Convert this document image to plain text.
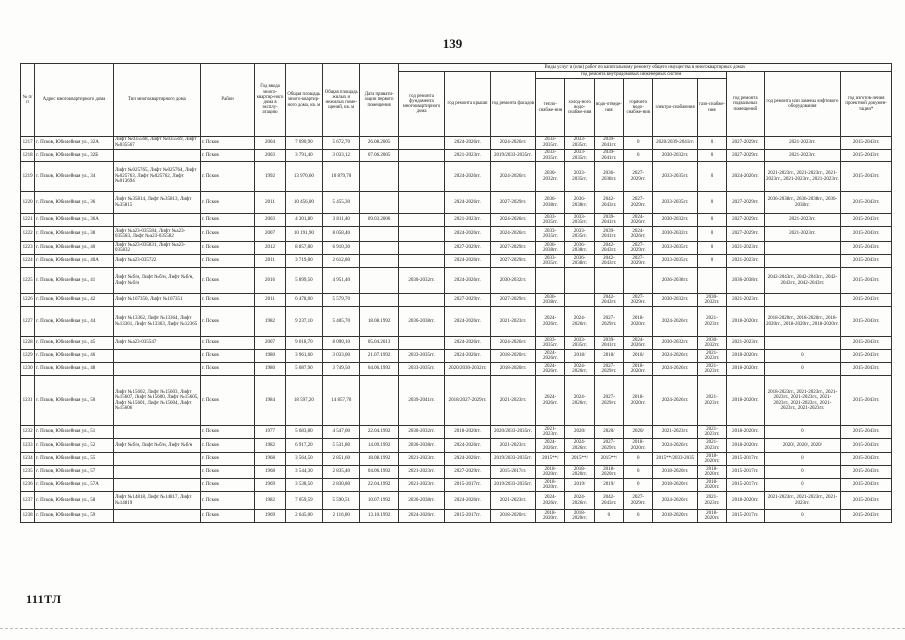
139
№ п/п	Адрес многоквартирного дома	Тип многоквартирного дома	Район	Год ввода много-квартир-ного дома в эксплу-атацию	Общая площадь много-квартир-ного дома, кв. м	Общая площадь жилых и нежилых поме-щений, кв. м	Дата привати-зации первого помещения	Виды услуг и (или) работ по капитальному ремонту общего имущества в многоквартирных домах											
								год ремонта фундамента многоквартирного дома	год ремонта крыши	год ремонта фасадов	год ремонта внутридомовых инженерных систем						год ремонта подвальных помещений	год ремонта или замены лифтового оборудования	год изготов-ления проектной докумен-тации*
											тепло-снабже-ния	холод-ного водо-снабже-ния	водо-отведе-ния	горячего водо-снабже-ния	электро-снабжения	газо-снабже-ния			
1217	г. Псков, Юбилейная ул., 32А	Лифт №035568, Лифт №035569, Лифт №035567	г. Псков	2004	7 090,90	5 672,70	26.08.2005		2024-2026гг.	2024-2026гг.	2033-2035гг.	2033-2035гг.	2039-2041гг.	0	2020/2039-2041гг.	0	2027-2029гг.	2021-2023гг.	2015-2043гг.
1218	г. Псков, Юбилейная ул., 32Б		г. Псков	2003	3 791,40	3 033,12	07.06.2005		2021-2023гг.	2019/2033-2035гг.	2033-2035гг.	2033-2035гг.	2039-2041гг.	0	2030-2032гг.	0	2027-2029гг.	2021-2023гг.	2015-2043гг.
1219	г. Псков, Юбилейная ул., 34	Лифт №025765, Лифт №025764, Лифт №025763, Лифт №025762, Лифт №013694	г. Псков	1992	13 970,60	10 879,70			2024-2026гг.	2024-2026гг.	2030-2032гг.	2033-2035гг.	2036-2038гг.	2027-2029гг.	2033-2035гг.	0	2024-2026гг.	2021-2023гг., 2021-2023гг., 2021-2023гг., 2021-2023гг., 2021-2023гг.	2015-2043гг.
1220	г. Псков, Юбилейная ул., 36	Лифт №35814, Лифт №35813, Лифт №35815	г. Псков	2011	10 456,00	5 455,30			2024-2026гг.	2027-2029гг.	2036-2038гг.	2036-2038гг.	2042-2043гг.	2027-2029гг.	2033-2035гг.	0	2027-2029гг.	2036-2038гг., 2036-2038гг., 2036-2038гг.	2015-2043гг.
1221	г. Псков, Юбилейная ул., 36А		г. Псков	2003	4 301,80	3 811,40	09.03.2006		2021-2023гг.	2024-2026гг.	2033-2035гг.	2033-2035гг.	2039-2041гг.	2024-2026гг.	2030-2032гг.	0	2027-2029гг.	2021-2023гг.	2015-2043гг.
1222	г. Псков, Юбилейная ул., 38	Лифт №а23-035584, Лифт №а23-035583, Лифт №а23-035582	г. Псков	2007	10 191,90	8 058,40			2024-2026гг.	2024-2026гг.	2033-2035гг.	2033-2035гг.	2039-2041гг.	2024-2026гг.	2030-2032гг.	0	2027-2029гг.	2021-2023гг.	2015-2043гг.
1223	г. Псков, Юбилейная ул., 40	Лифт №а23-035831, Лифт №а23-035832	г. Псков	2012	8 857,80	6 910,30			2027-2029гг.	2027-2029гг.	2036-2038гг.	2036-2038гг.	2042-2043гг.	2027-2029гг.	2033-2035гг.	0	2021-2023гг.		2015-2043гг.
1224	г. Псков, Юбилейная ул., 40А	Лифт №а23-035722	г. Псков	2011	3 719,80	2 612,80			2024-2026гг.	2027-2029гг.	2033-2035гг.	2036-2038гг.	2042-2043гг.	2027-2029гг.	2033-2035гг.	0	2021-2023гг.		2015-2043гг.
1225	г. Псков, Юбилейная ул., 41	Лифт №б/н, Лифт №б/н, Лифт №б/н, Лифт №б/н	г. Псков	2016	5 899,50	4 951,40		2030-2032гг.	2024-2026гг.	2030-2032гг.					2036-2038гг.		2036-2038гг.	2042-2043гг., 2042-2043гг., 2042-2043гг., 2042-2043гг.	2015-2043гг.
1226	г. Псков, Юбилейная ул., 42	Лифт №167350, Лифт №167351	г. Псков	2011	6 478,00	5 579,70			2027-2029гг.	2027-2029гг.	2036-2038гг.		2042-2043гг.	2027-2029гг.	2030-2032гг.	2030-2032гг.	2021-2023гг.		2015-2043гг.
1227	г. Псков, Юбилейная ул., 44	Лифт №13362, Лифт №13364, Лифт №13361, Лифт №13363, Лифт №12365	г. Псков	1982	9 237,10	5 405,70	18.08.1992	2036-2038гг.	2024-2026гг.	2021-2023гг.	2024-2026гг.	2024-2026гг.	2027-2029гг.	2018-2020гг.	2024-2026гг.	2021-2023гг.	2018-2020гг.	2018-2020гг., 2018-2020гг., 2018-2020гг., 2018-2020гг., 2018-2020гг.	2015-2043гг.
1228	г. Псков, Юбилейная ул., 45	Лифт №а23-035547	г. Псков	2007	9 018,70	8 090,10	05.04.2013		2024-2026гг.	2024-2026гг.	2033-2035гг.	2033-2035гг.	2039-2041гг.	2024-2026гг.	2030-2032гг.	2030-2032гг.	2021-2023гг.		2015-2043гг.
1229	г. Псков, Юбилейная ул., 46		г. Псков	1980	3 961,60	3 033,00	21.07.1992	2033-2035гг.	2024-2026гг.	2018-2020гг.	2024-2026гг.	2018/	2018/	2018/	2024-2026гг.	2021-2023гг.	2018-2020гг.	0	2015-2043гг.
1230	г. Псков, Юбилейная ул., 48		г. Псков	1980	5 087,90	3 749,50	04.06.1992	2033-2035гг.	2020/2030-2032гг.	2018-2020гг.	2024-2026гг.	2024-2026гг.	2027-2029гг.	2018-2020гг.	2024-2026гг.	2021-2023гг.	2018-2020гг.	0	2015-2043гг.
1231	г. Псков, Юбилейная ул., 50	Лифт №15602, Лифт №15603, Лифт №15607, Лифт №15600, Лифт №15605, Лифт №15601, Лифт №15604, Лифт №15606	г. Псков	1984	18 597,20	14 857,70		2039-2041гг.	2018/2027-2029гг.	2021-2023гг.	2024-2026гг.	2024-2026гг.	2027-2029гг.	2018-2020гг.	2024-2026гг.	2021-2023гг.	2018-2020гг.	2018-2023гг., 2021-2023гг., 2021-2023гг., 2021-2023гг., 2021-2023гг., 2021-2023гг., 2021-2023гг., 2021-2023гг.	2015-2043гг.
1232	г. Псков, Юбилейная ул., 51		г. Псков	1977	5 683,80	4 547,00	22.04.1992	2030-2032гг.	2018-2020гг.	2020/2033-2035гг.	2021-2023гг.	2020/	2020/	2020/	2021-2023гг.	2021-2023гг.	2018-2020гг.	0	2015-2043гг.
1233	г. Псков, Юбилейная ул., 52	Лифт №б/н, Лифт №б/н, Лифт №б/н	г. Псков	1982	6 917,20	5 531,80	14.09.1992	2036-2038гг.	2024-2026гг.	2021-2023гг.	2024-2026гг.	2024-2026гг.	2027-2029гг.	2018-2020гг.	2024-2026гг.	2021-2023гг.	2018-2020гг.	2020/, 2020/, 2020/	2015-2043гг.
1234	г. Псков, Юбилейная ул., 55		г. Псков	1968	3 564,50	2 851,60	18.08.1992	2021-2023гг.	2024-2026гг.	2019/2033-2035гг.	2015**/	2015**/	2015**/	0	2015**/2033-2035	2018-2020гг.	2015-2017гг.	0	2015-2043гг.
1235	г. Псков, Юбилейная ул., 57		г. Псков	1968	3 544,30	2 835,40	04.06.1992	2021-2023гг.	2027-2029гг.	2015-2017гг.	2018-2020гг.	2018-2020гг.	2018-2020гг.	0	2018-2020гг.	2018-2020гг.	2015-2017гг.	0	2015-2043гг.
1236	г. Псков, Юбилейная ул., 57А		г. Псков	1969	3 538,50	2 830,80	22.04.1992	2021-2023гг.	2015-2017гг.	2019/2033-2035гг.	2018-2020гг.	2019/	2019/	0	2018-2020гг.	2018-2020гг.	2015-2017гг.	0	2015-2043гг.
1237	г. Псков, Юбилейная ул., 58	Лифт №14818, Лифт №14817, Лифт №14819	г. Псков	1982	7 059,59	5 590,51	10.07.1992	2036-2038гг.	2024-2026гг.	2021-2023гг.	2024-2026гг.	2024-2026гг.	2042-2043гг.	2027-2029гг.	2024-2026гг.	2021-2023гг.	2018-2020гг.	2021-2023гг., 2021-2023гг., 2021-2023гг.	2015-2043гг.
1238	г. Псков, Юбилейная ул., 59		г. Псков	1969	2 645,00	2 116,00	13.10.1992	2024-2026гг.	2015-2017гг.	2018-2020гг.	2018-2020гг.	2018-2020гг.	0	0	2018-2020гг.	2018-2020гг.	2015-2017гг.	0	2015-2043гг.
111ТЛ
